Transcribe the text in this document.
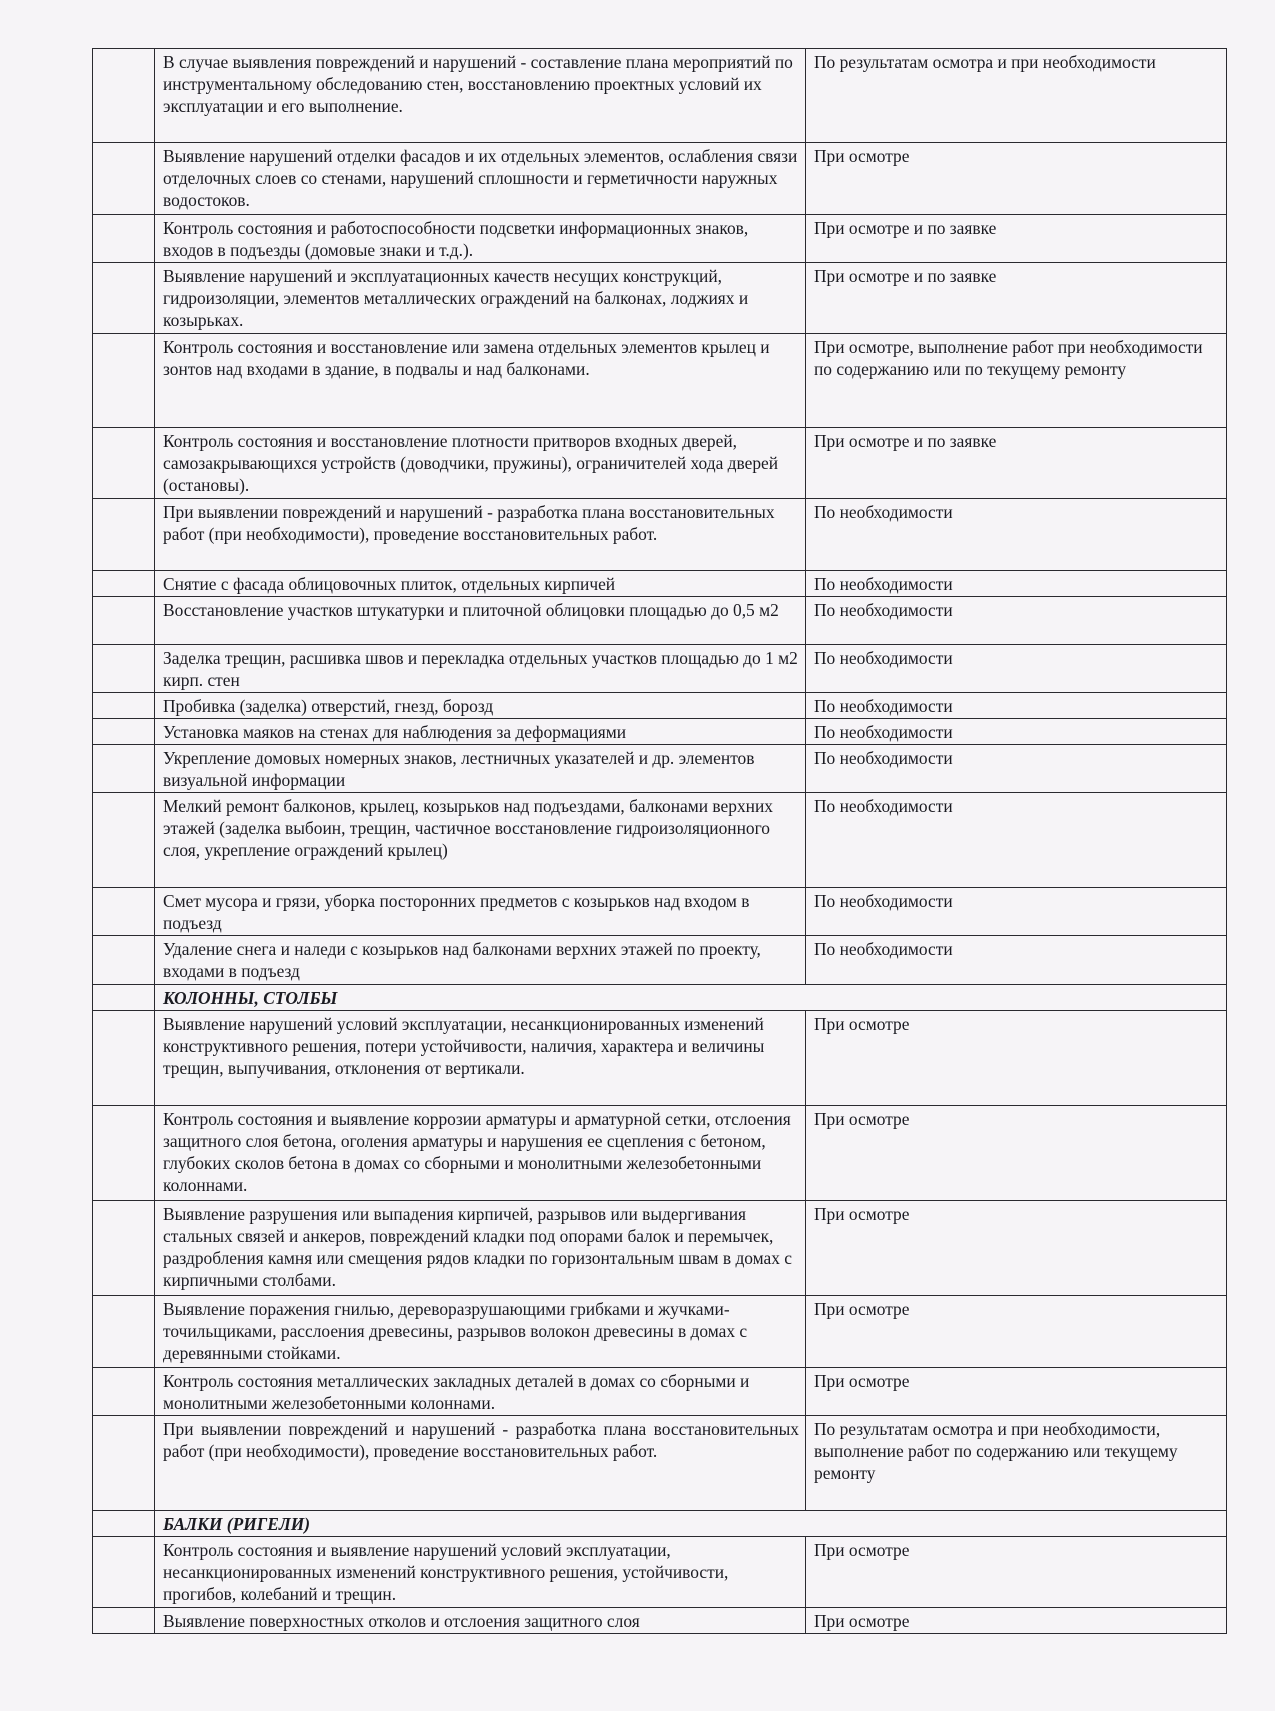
	В случае выявления повреждений и нарушений - составление плана мероприятий по инструментальному обследованию стен, восстановлению проектных условий их эксплуатации и его выполнение.	По результатам осмотра и при необходимости
	Выявление нарушений отделки фасадов и их отдельных элементов, ослабления связи отделочных слоев со стенами, нарушений сплошности и герметичности наружных водостоков.	При осмотре
	Контроль состояния и работоспособности подсветки информационных знаков, входов в подъезды (домовые знаки и т.д.).	При осмотре и по заявке
	Выявление нарушений и эксплуатационных качеств несущих конструкций, гидроизоляции, элементов металлических ограждений на балконах, лоджиях и козырьках.	При осмотре и по заявке
	Контроль состояния и восстановление или замена отдельных элементов крылец и зонтов над входами в здание, в подвалы и над балконами.	При осмотре, выполнение работ при необходимости по содержанию или по текущему ремонту
	Контроль состояния и восстановление плотности притворов входных дверей, самозакрывающихся устройств (доводчики, пружины), ограничителей хода дверей (остановы).	При осмотре и по заявке
	При выявлении повреждений и нарушений - разработка плана восстановительных работ (при необходимости), проведение восстановительных работ.	По необходимости
	Снятие с фасада облицовочных плиток, отдельных кирпичей	По необходимости
	Восстановление участков штукатурки и плиточной облицовки площадью до 0,5 м2	По необходимости
	Заделка трещин, расшивка швов и перекладка отдельных участков площадью до 1 м2 кирп. стен	По необходимости
	Пробивка (заделка) отверстий, гнезд, борозд	По необходимости
	Установка маяков на стенах для наблюдения за деформациями	По необходимости
	Укрепление домовых номерных знаков, лестничных указателей и др. элементов визуальной информации	По необходимости
	Мелкий ремонт балконов, крылец, козырьков над подъездами, балконами верхних этажей (заделка выбоин, трещин, частичное восстановление гидроизоляционного слоя, укрепление ограждений крылец)	По необходимости
	Смет мусора и грязи, уборка посторонних предметов с козырьков над входом в подъезд	По необходимости
	Удаление снега и наледи с козырьков над балконами верхних этажей по проекту, входами в подъезд	По необходимости
	КОЛОННЫ, СТОЛБЫ	
	Выявление нарушений условий эксплуатации, несанкционированных изменений конструктивного решения, потери устойчивости, наличия, характера и величины трещин, выпучивания, отклонения от вертикали.	При осмотре
	Контроль состояния и выявление коррозии арматуры и арматурной сетки, отслоения защитного слоя бетона, оголения арматуры и нарушения ее сцепления с бетоном, глубоких сколов бетона в домах со сборными и монолитными железобетонными колоннами.	При осмотре
	Выявление разрушения или выпадения кирпичей, разрывов или выдергивания стальных связей и анкеров, повреждений кладки под опорами балок и перемычек, раздробления камня или смещения рядов кладки по горизонтальным швам в домах с кирпичными столбами.	При осмотре
	Выявление поражения гнилью, дереворазрушающими грибками и жучками-точильщиками, расслоения древесины, разрывов волокон древесины в домах с деревянными стойками.	При осмотре
	Контроль состояния металлических закладных деталей в домах со сборными и монолитными железобетонными колоннами.	При осмотре
	При выявлении повреждений и нарушений - разработка плана восстановительных работ (при необходимости), проведение восстановительных работ.	По результатам осмотра и при необходимости, выполнение работ по содержанию или текущему ремонту
	БАЛКИ (РИГЕЛИ)	
	Контроль состояния и выявление нарушений условий эксплуатации, несанкционированных изменений конструктивного решения, устойчивости, прогибов, колебаний и трещин.	При осмотре
	Выявление поверхностных отколов и отслоения защитного слоя	При осмотре
